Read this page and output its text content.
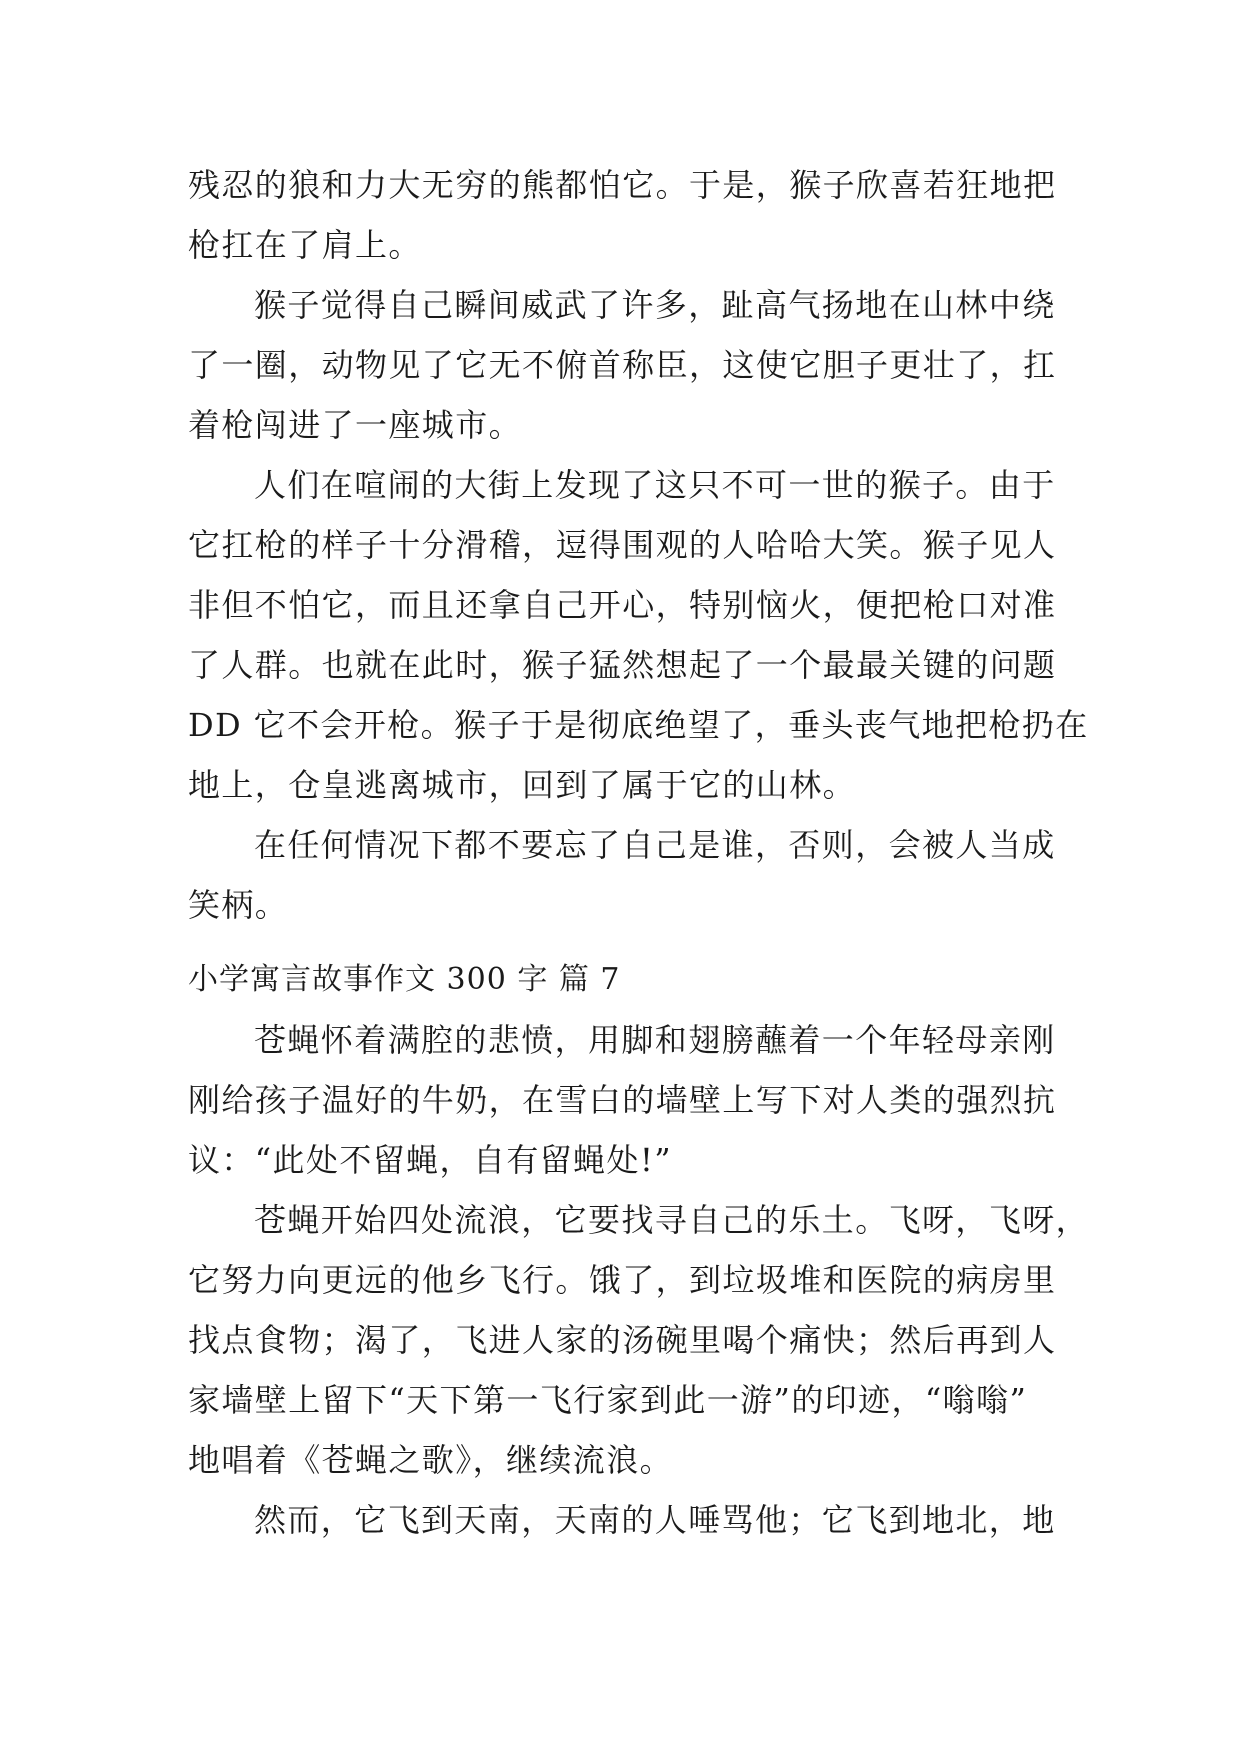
残忍的狼和力大无穷的熊都怕它。于是，猴子欣喜若狂地把
枪扛在了肩上。
猴子觉得自己瞬间威武了许多，趾高气扬地在山林中绕
了一圈，动物见了它无不俯首称臣，这使它胆子更壮了，扛
着枪闯进了一座城市。
人们在喧闹的大街上发现了这只不可一世的猴子。由于
它扛枪的样子十分滑稽，逗得围观的人哈哈大笑。猴子见人
非但不怕它，而且还拿自己开心，特别恼火，便把枪口对准
了人群。也就在此时，猴子猛然想起了一个最最关键的问题
DD 它不会开枪。猴子于是彻底绝望了，垂头丧气地把枪扔在
地上，仓皇逃离城市，回到了属于它的山林。
在任何情况下都不要忘了自己是谁，否则，会被人当成
笑柄。
小学寓言故事作文 300 字 篇 7
苍蝇怀着满腔的悲愤，用脚和翅膀蘸着一个年轻母亲刚
刚给孩子温好的牛奶，在雪白的墙壁上写下对人类的强烈抗
议：“此处不留蝇，自有留蝇处!”
苍蝇开始四处流浪，它要找寻自己的乐土。飞呀，飞呀，
它努力向更远的他乡飞行。饿了，到垃圾堆和医院的病房里
找点食物；渴了，飞进人家的汤碗里喝个痛快；然后再到人
家墙壁上留下“天下第一飞行家到此一游”的印迹，“嗡嗡”
地唱着《苍蝇之歌》，继续流浪。
然而，它飞到天南，天南的人唾骂他；它飞到地北，地
